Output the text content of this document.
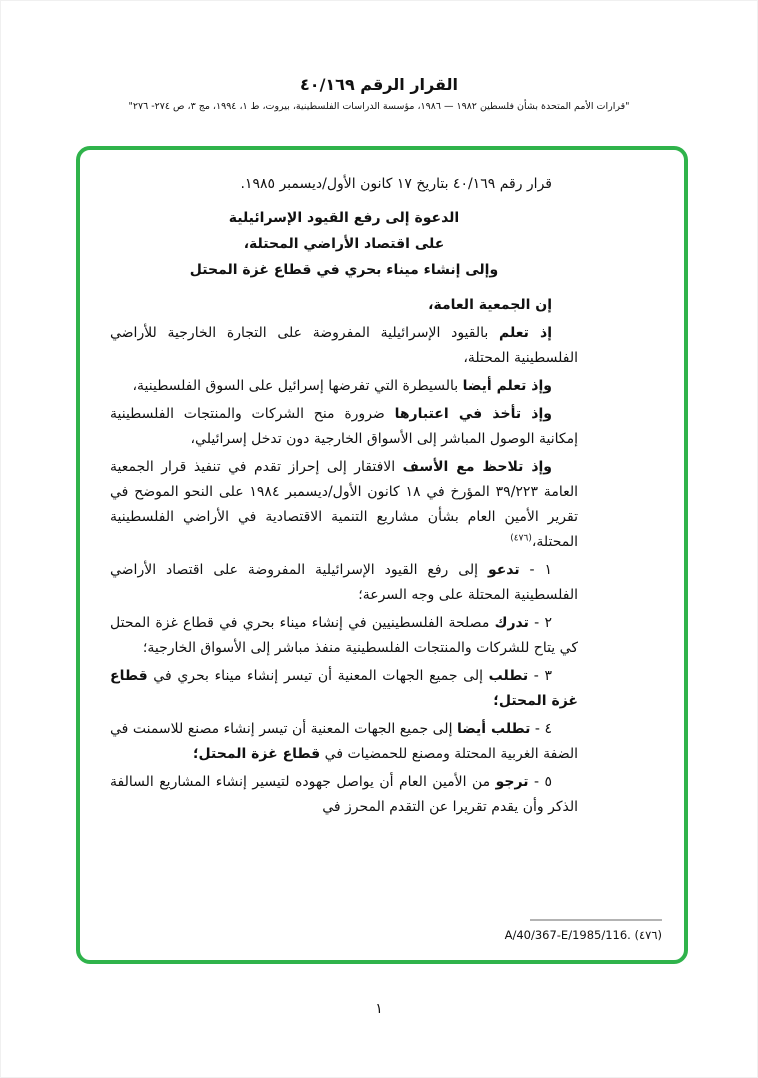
القرار الرقم ٤٠/١٦٩
"قرارات الأمم المتحدة بشأن فلسطين ١٩٨٢ — ١٩٨٦، مؤسسة الدراسات الفلسطينية، بيروت، ط ١، ١٩٩٤، مج ٣، ص ٢٧٤- ٢٧٦"

قرار رقم ٤٠/١٦٩ بتاريخ ١٧ كانون الأول/ديسمبر ١٩٨٥.

الدعوة إلى رفع القيود الإسرائيلية

على اقتصاد الأراضي المحتلة،

وإلى إنشاء ميناء بحري في قطاع غزة المحتل

إن الجمعية العامة،

إذ تعلم بالقيود الإسرائيلية المفروضة على التجارة الخارجية للأراضي الفلسطينية المحتلة،

وإذ تعلم أيضا بالسيطرة التي تفرضها إسرائيل على السوق الفلسطينية،

وإذ تأخذ في اعتبارها ضرورة منح الشركات والمنتجات الفلسطينية إمكانية الوصول المباشر إلى الأسواق الخارجية دون تدخل إسرائيلي،

وإذ تلاحظ مع الأسف الافتقار إلى إحراز تقدم في تنفيذ قرار الجمعية العامة ٣٩/٢٢٣ المؤرخ في ١٨ كانون الأول/ديسمبر ١٩٨٤ على النحو الموضح في تقرير الأمين العام بشأن مشاريع التنمية الاقتصادية في الأراضي الفلسطينية المحتلة،$^{(٤٧٦)}$

١ - تدعو إلى رفع القيود الإسرائيلية المفروضة على اقتصاد الأراضي الفلسطينية المحتلة على وجه السرعة؛

٢ - تدرك مصلحة الفلسطينيين في إنشاء ميناء بحري في قطاع غزة المحتل كي يتاح للشركات والمنتجات الفلسطينية منفذ مباشر إلى الأسواق الخارجية؛

٣ - تطلب إلى جميع الجهات المعنية أن تيسر إنشاء ميناء بحري في قطاع غزة المحتل؛

٤ - تطلب أيضا إلى جميع الجهات المعنية أن تيسر إنشاء مصنع للاسمنت في الضفة الغربية المحتلة ومصنع للحمضيات في قطاع غزة المحتل؛

٥ - ترجو من الأمين العام أن يواصل جهوده لتيسير إنشاء المشاريع السالفة الذكر وأن يقدم تقريرا عن التقدم المحرز في

A/40/367-E/1985/116. (٤٧٦)
١
